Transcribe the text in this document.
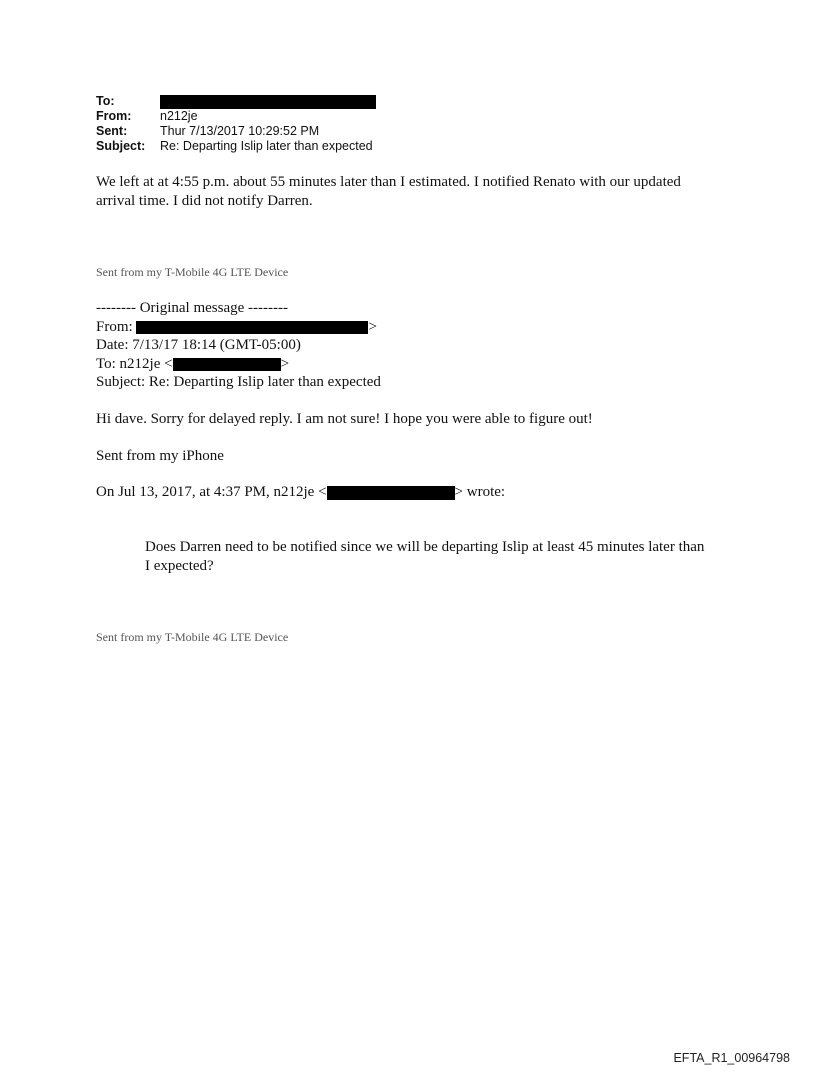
To:
From:	n212je
Sent:	Thur 7/13/2017 10:29:52 PM
Subject:	Re: Departing Islip later than expected
We left at at 4:55 p.m. about 55 minutes later than I estimated. I notified Renato with our updated arrival time. I did not notify Darren.
Sent from my T-Mobile 4G LTE Device
-------- Original message --------
From:	>
Date: 7/13/17 18:14 (GMT-05:00)
To: n212je <	>
Subject: Re: Departing Islip later than expected
Hi dave. Sorry for delayed reply. I am not sure! I hope you were able to figure out!
Sent from my iPhone
On Jul 13, 2017, at 4:37 PM, n212je <	> wrote:
Does Darren need to be notified since we will be departing Islip at least 45 minutes later than I expected?
Sent from my T-Mobile 4G LTE Device
EFTA_R1_00964798
